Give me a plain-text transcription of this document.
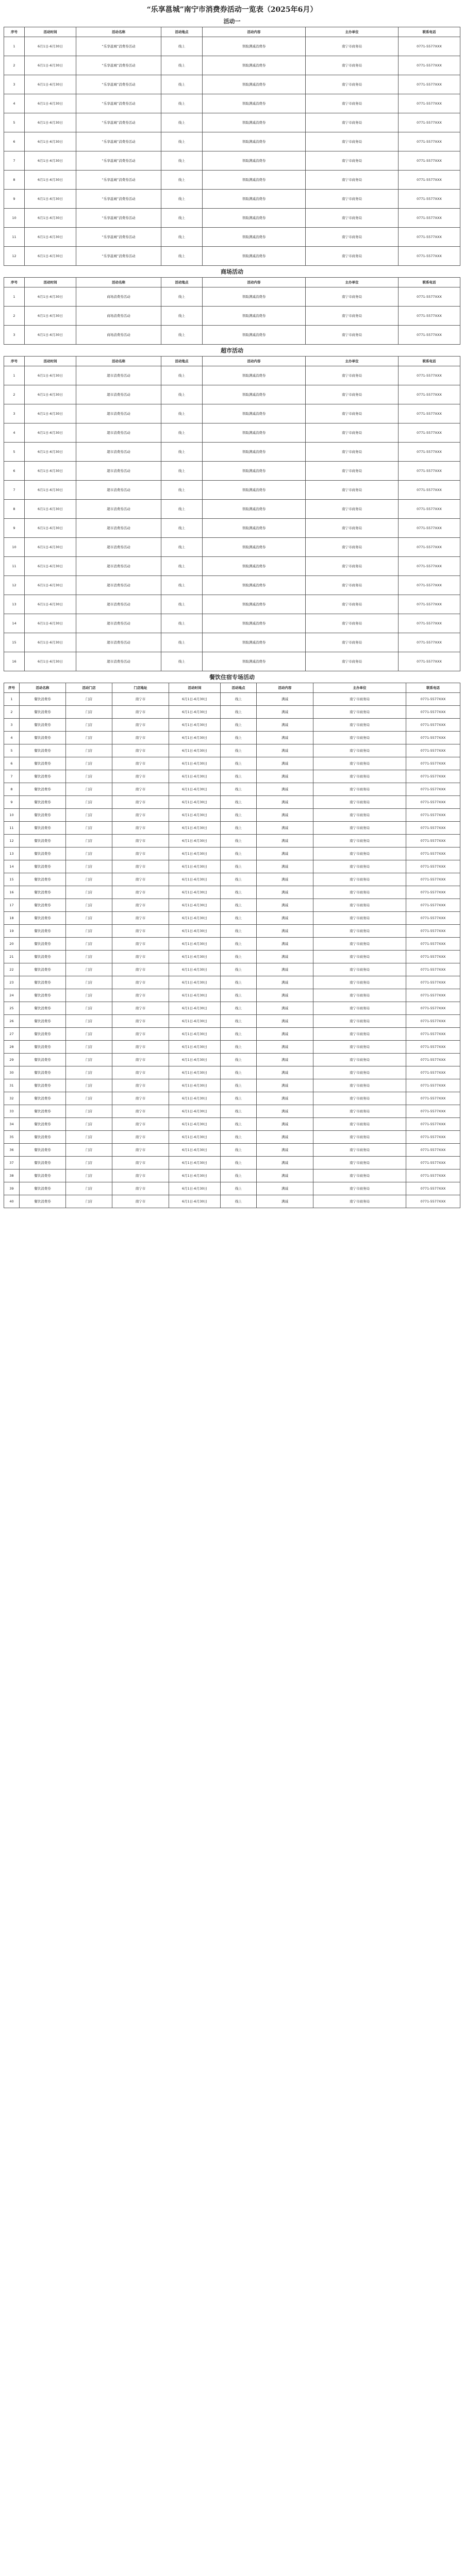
“乐享邕城”南宁市消费券活动一览表（2025年6月）
活动一
序号	活动时间	活动名称	活动地点	活动内容	主办单位	联系电话
1	6月1日-6月30日	“乐享邕城”消费券活动	线上	领取满减消费券	南宁市商务局	0771-5577XXX
2	6月1日-6月30日	“乐享邕城”消费券活动	线上	领取满减消费券	南宁市商务局	0771-5577XXX
3	6月1日-6月30日	“乐享邕城”消费券活动	线上	领取满减消费券	南宁市商务局	0771-5577XXX
4	6月1日-6月30日	“乐享邕城”消费券活动	线上	领取满减消费券	南宁市商务局	0771-5577XXX
5	6月1日-6月30日	“乐享邕城”消费券活动	线上	领取满减消费券	南宁市商务局	0771-5577XXX
6	6月1日-6月30日	“乐享邕城”消费券活动	线上	领取满减消费券	南宁市商务局	0771-5577XXX
7	6月1日-6月30日	“乐享邕城”消费券活动	线上	领取满减消费券	南宁市商务局	0771-5577XXX
8	6月1日-6月30日	“乐享邕城”消费券活动	线上	领取满减消费券	南宁市商务局	0771-5577XXX
9	6月1日-6月30日	“乐享邕城”消费券活动	线上	领取满减消费券	南宁市商务局	0771-5577XXX
10	6月1日-6月30日	“乐享邕城”消费券活动	线上	领取满减消费券	南宁市商务局	0771-5577XXX
11	6月1日-6月30日	“乐享邕城”消费券活动	线上	领取满减消费券	南宁市商务局	0771-5577XXX
12	6月1日-6月30日	“乐享邕城”消费券活动	线上	领取满减消费券	南宁市商务局	0771-5577XXX
商场活动
序号	活动时间	活动名称	活动地点	活动内容	主办单位	联系电话
1	6月1日-6月30日	商场消费券活动	线上	领取满减消费券	南宁市商务局	0771-5577XXX
2	6月1日-6月30日	商场消费券活动	线上	领取满减消费券	南宁市商务局	0771-5577XXX
3	6月1日-6月30日	商场消费券活动	线上	领取满减消费券	南宁市商务局	0771-5577XXX
超市活动
序号	活动时间	活动名称	活动地点	活动内容	主办单位	联系电话
1	6月1日-6月30日	超市消费券活动	线上	领取满减消费券	南宁市商务局	0771-5577XXX
2	6月1日-6月30日	超市消费券活动	线上	领取满减消费券	南宁市商务局	0771-5577XXX
3	6月1日-6月30日	超市消费券活动	线上	领取满减消费券	南宁市商务局	0771-5577XXX
4	6月1日-6月30日	超市消费券活动	线上	领取满减消费券	南宁市商务局	0771-5577XXX
5	6月1日-6月30日	超市消费券活动	线上	领取满减消费券	南宁市商务局	0771-5577XXX
6	6月1日-6月30日	超市消费券活动	线上	领取满减消费券	南宁市商务局	0771-5577XXX
7	6月1日-6月30日	超市消费券活动	线上	领取满减消费券	南宁市商务局	0771-5577XXX
8	6月1日-6月30日	超市消费券活动	线上	领取满减消费券	南宁市商务局	0771-5577XXX
9	6月1日-6月30日	超市消费券活动	线上	领取满减消费券	南宁市商务局	0771-5577XXX
10	6月1日-6月30日	超市消费券活动	线上	领取满减消费券	南宁市商务局	0771-5577XXX
11	6月1日-6月30日	超市消费券活动	线上	领取满减消费券	南宁市商务局	0771-5577XXX
12	6月1日-6月30日	超市消费券活动	线上	领取满减消费券	南宁市商务局	0771-5577XXX
13	6月1日-6月30日	超市消费券活动	线上	领取满减消费券	南宁市商务局	0771-5577XXX
14	6月1日-6月30日	超市消费券活动	线上	领取满减消费券	南宁市商务局	0771-5577XXX
15	6月1日-6月30日	超市消费券活动	线上	领取满减消费券	南宁市商务局	0771-5577XXX
16	6月1日-6月30日	超市消费券活动	线上	领取满减消费券	南宁市商务局	0771-5577XXX
餐饮住宿专场活动
序号	活动名称	活动门店	门店地址	活动时间	活动地点	活动内容	主办单位	联系电话
1	餐饮消费券	门店	南宁市	6月1日-6月30日	线上	满减	南宁市商务局	0771-5577XXX
2	餐饮消费券	门店	南宁市	6月1日-6月30日	线上	满减	南宁市商务局	0771-5577XXX
3	餐饮消费券	门店	南宁市	6月1日-6月30日	线上	满减	南宁市商务局	0771-5577XXX
4	餐饮消费券	门店	南宁市	6月1日-6月30日	线上	满减	南宁市商务局	0771-5577XXX
5	餐饮消费券	门店	南宁市	6月1日-6月30日	线上	满减	南宁市商务局	0771-5577XXX
6	餐饮消费券	门店	南宁市	6月1日-6月30日	线上	满减	南宁市商务局	0771-5577XXX
7	餐饮消费券	门店	南宁市	6月1日-6月30日	线上	满减	南宁市商务局	0771-5577XXX
8	餐饮消费券	门店	南宁市	6月1日-6月30日	线上	满减	南宁市商务局	0771-5577XXX
9	餐饮消费券	门店	南宁市	6月1日-6月30日	线上	满减	南宁市商务局	0771-5577XXX
10	餐饮消费券	门店	南宁市	6月1日-6月30日	线上	满减	南宁市商务局	0771-5577XXX
11	餐饮消费券	门店	南宁市	6月1日-6月30日	线上	满减	南宁市商务局	0771-5577XXX
12	餐饮消费券	门店	南宁市	6月1日-6月30日	线上	满减	南宁市商务局	0771-5577XXX
13	餐饮消费券	门店	南宁市	6月1日-6月30日	线上	满减	南宁市商务局	0771-5577XXX
14	餐饮消费券	门店	南宁市	6月1日-6月30日	线上	满减	南宁市商务局	0771-5577XXX
15	餐饮消费券	门店	南宁市	6月1日-6月30日	线上	满减	南宁市商务局	0771-5577XXX
16	餐饮消费券	门店	南宁市	6月1日-6月30日	线上	满减	南宁市商务局	0771-5577XXX
17	餐饮消费券	门店	南宁市	6月1日-6月30日	线上	满减	南宁市商务局	0771-5577XXX
18	餐饮消费券	门店	南宁市	6月1日-6月30日	线上	满减	南宁市商务局	0771-5577XXX
19	餐饮消费券	门店	南宁市	6月1日-6月30日	线上	满减	南宁市商务局	0771-5577XXX
20	餐饮消费券	门店	南宁市	6月1日-6月30日	线上	满减	南宁市商务局	0771-5577XXX
21	餐饮消费券	门店	南宁市	6月1日-6月30日	线上	满减	南宁市商务局	0771-5577XXX
22	餐饮消费券	门店	南宁市	6月1日-6月30日	线上	满减	南宁市商务局	0771-5577XXX
23	餐饮消费券	门店	南宁市	6月1日-6月30日	线上	满减	南宁市商务局	0771-5577XXX
24	餐饮消费券	门店	南宁市	6月1日-6月30日	线上	满减	南宁市商务局	0771-5577XXX
25	餐饮消费券	门店	南宁市	6月1日-6月30日	线上	满减	南宁市商务局	0771-5577XXX
26	餐饮消费券	门店	南宁市	6月1日-6月30日	线上	满减	南宁市商务局	0771-5577XXX
27	餐饮消费券	门店	南宁市	6月1日-6月30日	线上	满减	南宁市商务局	0771-5577XXX
28	餐饮消费券	门店	南宁市	6月1日-6月30日	线上	满减	南宁市商务局	0771-5577XXX
29	餐饮消费券	门店	南宁市	6月1日-6月30日	线上	满减	南宁市商务局	0771-5577XXX
30	餐饮消费券	门店	南宁市	6月1日-6月30日	线上	满减	南宁市商务局	0771-5577XXX
31	餐饮消费券	门店	南宁市	6月1日-6月30日	线上	满减	南宁市商务局	0771-5577XXX
32	餐饮消费券	门店	南宁市	6月1日-6月30日	线上	满减	南宁市商务局	0771-5577XXX
33	餐饮消费券	门店	南宁市	6月1日-6月30日	线上	满减	南宁市商务局	0771-5577XXX
34	餐饮消费券	门店	南宁市	6月1日-6月30日	线上	满减	南宁市商务局	0771-5577XXX
35	餐饮消费券	门店	南宁市	6月1日-6月30日	线上	满减	南宁市商务局	0771-5577XXX
36	餐饮消费券	门店	南宁市	6月1日-6月30日	线上	满减	南宁市商务局	0771-5577XXX
37	餐饮消费券	门店	南宁市	6月1日-6月30日	线上	满减	南宁市商务局	0771-5577XXX
38	餐饮消费券	门店	南宁市	6月1日-6月30日	线上	满减	南宁市商务局	0771-5577XXX
39	餐饮消费券	门店	南宁市	6月1日-6月30日	线上	满减	南宁市商务局	0771-5577XXX
40	餐饮消费券	门店	南宁市	6月1日-6月30日	线上	满减	南宁市商务局	0771-5577XXX
